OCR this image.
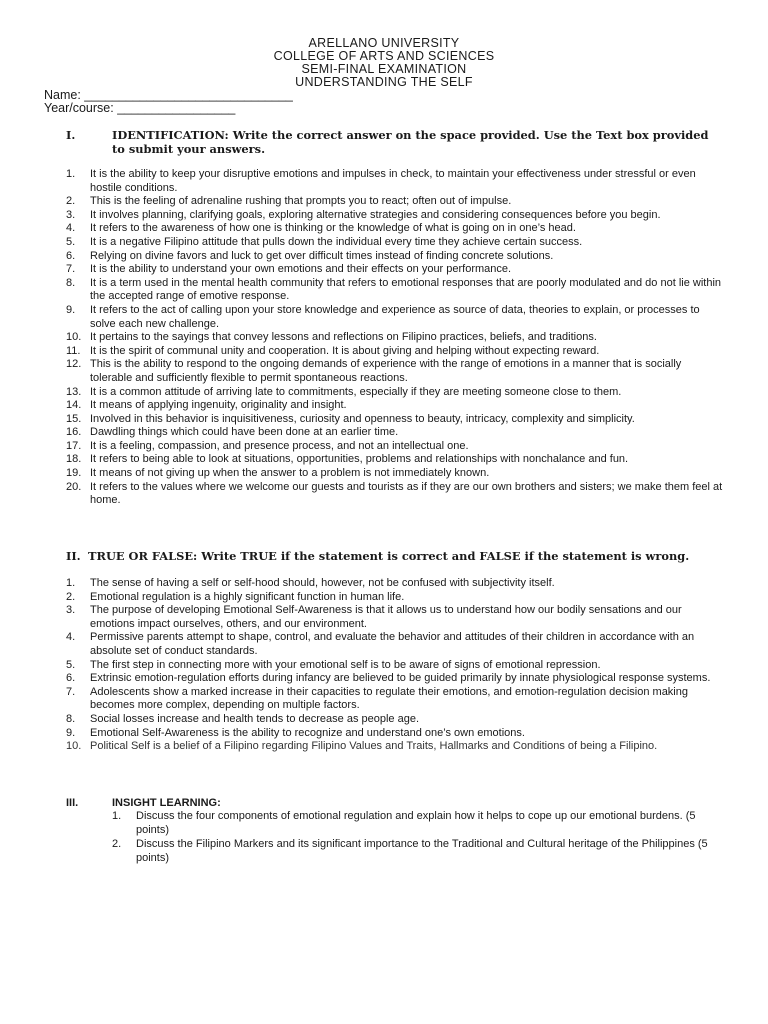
ARELLANO UNIVERSITY
COLLEGE OF ARTS AND SCIENCES
SEMI-FINAL EXAMINATION
UNDERSTANDING THE SELF
Name: ______________________________
Year/course: _________________
I.	IDENTIFICATION: Write the correct answer on the space provided. Use the Text box provided to submit your answers.
1. It is the ability to keep your disruptive emotions and impulses in check, to maintain your effectiveness under stressful or even hostile conditions.
2. This is the feeling of adrenaline rushing that prompts you to react; often out of impulse.
3. It involves planning, clarifying goals, exploring alternative strategies and considering consequences before you begin.
4. It refers to the awareness of how one is thinking or the knowledge of what is going on in one’s head.
5. It is a negative Filipino attitude that pulls down the individual every time they achieve certain success.
6. Relying on divine favors and luck to get over difficult times instead of finding concrete solutions.
7. It is the ability to understand your own emotions and their effects on your performance.
8. It is a term used in the mental health community that refers to emotional responses that are poorly modulated and do not lie within the accepted range of emotive response.
9. It refers to the act of calling upon your store knowledge and experience as source of data, theories to explain, or processes to solve each new challenge.
10. It pertains to the sayings that convey lessons and reflections on Filipino practices, beliefs, and traditions.
11. It is the spirit of communal unity and cooperation. It is about giving and helping without expecting reward.
12. This is the ability to respond to the ongoing demands of experience with the range of emotions in a manner that is socially tolerable and sufficiently flexible to permit spontaneous reactions.
13. It is a common attitude of arriving late to commitments, especially if they are meeting someone close to them.
14. It means of applying ingenuity, originality and insight.
15. Involved in this behavior is inquisitiveness, curiosity and openness to beauty, intricacy, complexity and simplicity.
16. Dawdling things which could have been done at an earlier time.
17. It is a feeling, compassion, and presence process, and not an intellectual one.
18. It refers to being able to look at situations, opportunities, problems and relationships with nonchalance and fun.
19. It means of not giving up when the answer to a problem is not immediately known.
20. It refers to the values where we welcome our guests and tourists as if they are our own brothers and sisters; we make them feel at home.
II. TRUE OR FALSE: Write TRUE if the statement is correct and FALSE if the statement is wrong.
1. The sense of having a self or self-hood should, however, not be confused with subjectivity itself.
2. Emotional regulation is a highly significant function in human life.
3. The purpose of developing Emotional Self-Awareness is that it allows us to understand how our bodily sensations and our emotions impact ourselves, others, and our environment.
4. Permissive parents attempt to shape, control, and evaluate the behavior and attitudes of their children in accordance with an absolute set of conduct standards.
5. The first step in connecting more with your emotional self is to be aware of signs of emotional repression.
6. Extrinsic emotion-regulation efforts during infancy are believed to be guided primarily by innate physiological response systems.
7. Adolescents show a marked increase in their capacities to regulate their emotions, and emotion-regulation decision making becomes more complex, depending on multiple factors.
8. Social losses increase and health tends to decrease as people age.
9. Emotional Self-Awareness is the ability to recognize and understand one’s own emotions.
10. Political Self is a belief of a Filipino regarding Filipino Values and Traits, Hallmarks and Conditions of being a Filipino.
III.	INSIGHT LEARNING:
1. Discuss the four components of emotional regulation and explain how it helps to cope up our emotional burdens. (5 points)
2. Discuss the Filipino Markers and its significant importance to the Traditional and Cultural heritage of the Philippines (5 points)
